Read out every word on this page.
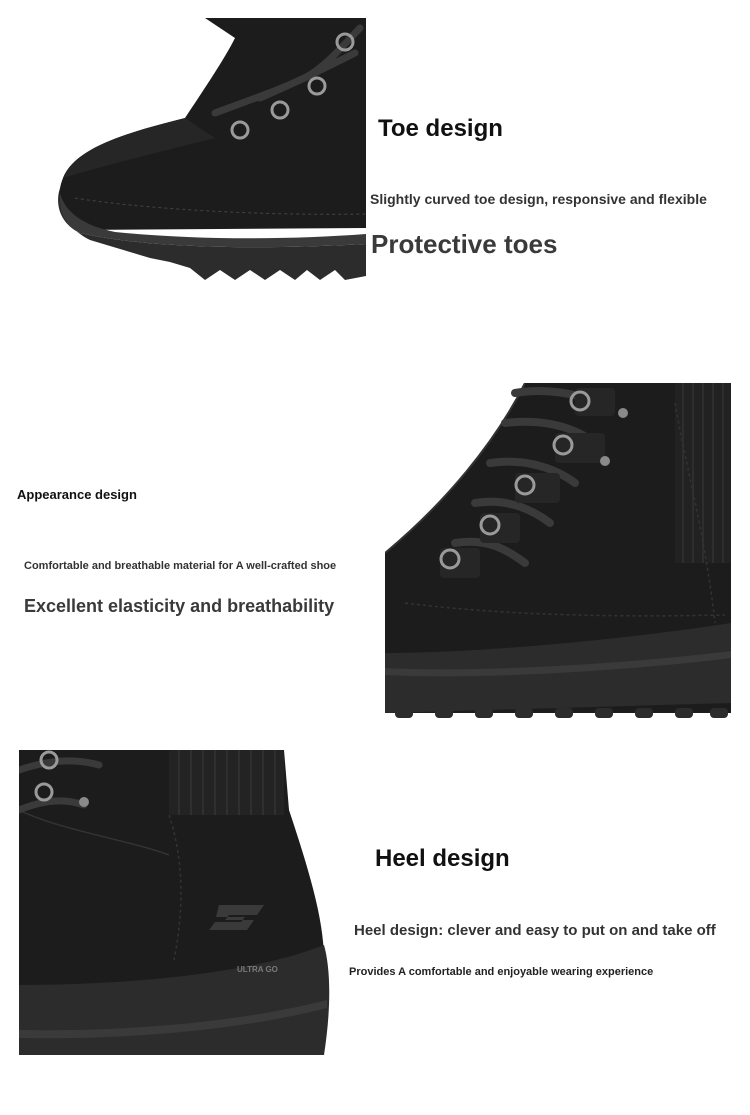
Toe design
Slightly curved toe design, responsive and flexible
Protective toes
Appearance design
Comfortable and breathable material for A well-crafted shoe
Excellent elasticity and breathability
ULTRA GO
Heel design
Heel design: clever and easy to put on and take off
Provides A comfortable and enjoyable wearing experience
